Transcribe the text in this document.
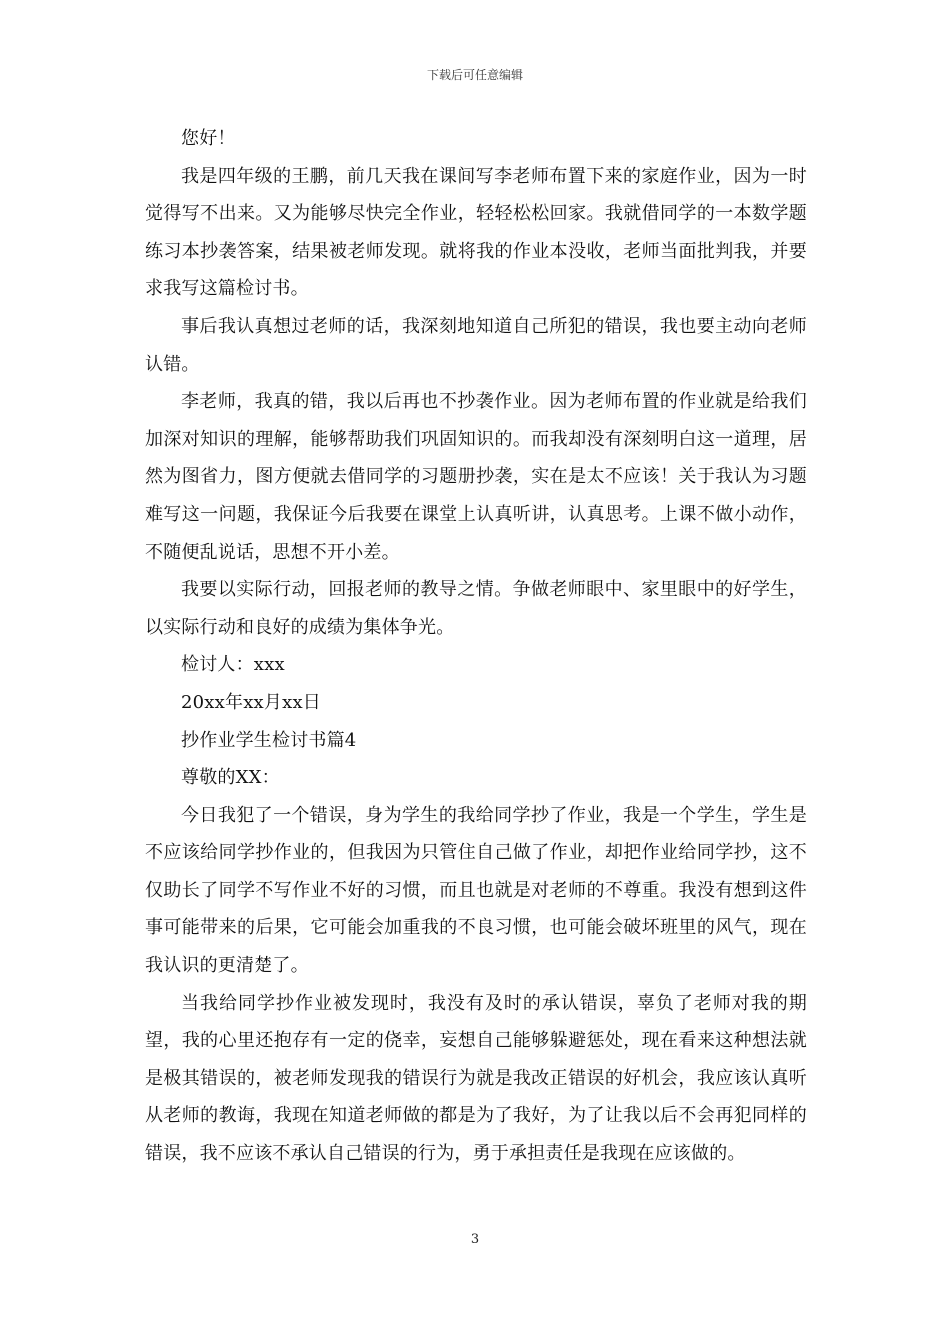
下载后可任意编辑

您好！

我是四年级的王鹏，前几天我在课间写李老师布置下来的家庭作业，因为一时觉得写不出来。又为能够尽快完全作业，轻轻松松回家。我就借同学的一本数学题练习本抄袭答案，结果被老师发现。就将我的作业本没收，老师当面批判我，并要求我写这篇检讨书。

事后我认真想过老师的话，我深刻地知道自己所犯的错误，我也要主动向老师认错。

李老师，我真的错，我以后再也不抄袭作业。因为老师布置的作业就是给我们加深对知识的理解，能够帮助我们巩固知识的。而我却没有深刻明白这一道理，居然为图省力，图方便就去借同学的习题册抄袭，实在是太不应该！关于我认为习题难写这一问题，我保证今后我要在课堂上认真听讲，认真思考。上课不做小动作，不随便乱说话，思想不开小差。

我要以实际行动，回报老师的教导之情。争做老师眼中、家里眼中的好学生，以实际行动和良好的成绩为集体争光。

检讨人：xxx

20xx年xx月xx日

抄作业学生检讨书篇4

尊敬的XX：

今日我犯了一个错误，身为学生的我给同学抄了作业，我是一个学生，学生是不应该给同学抄作业的，但我因为只管住自己做了作业，却把作业给同学抄，这不仅助长了同学不写作业不好的习惯，而且也就是对老师的不尊重。我没有想到这件事可能带来的后果，它可能会加重我的不良习惯，也可能会破坏班里的风气，现在我认识的更清楚了。

当我给同学抄作业被发现时，我没有及时的承认错误，辜负了老师对我的期望，我的心里还抱存有一定的侥幸，妄想自己能够躲避惩处，现在看来这种想法就是极其错误的，被老师发现我的错误行为就是我改正错误的好机会，我应该认真听从老师的教诲，我现在知道老师做的都是为了我好，为了让我以后不会再犯同样的错误，我不应该不承认自己错误的行为，勇于承担责任是我现在应该做的。

3
